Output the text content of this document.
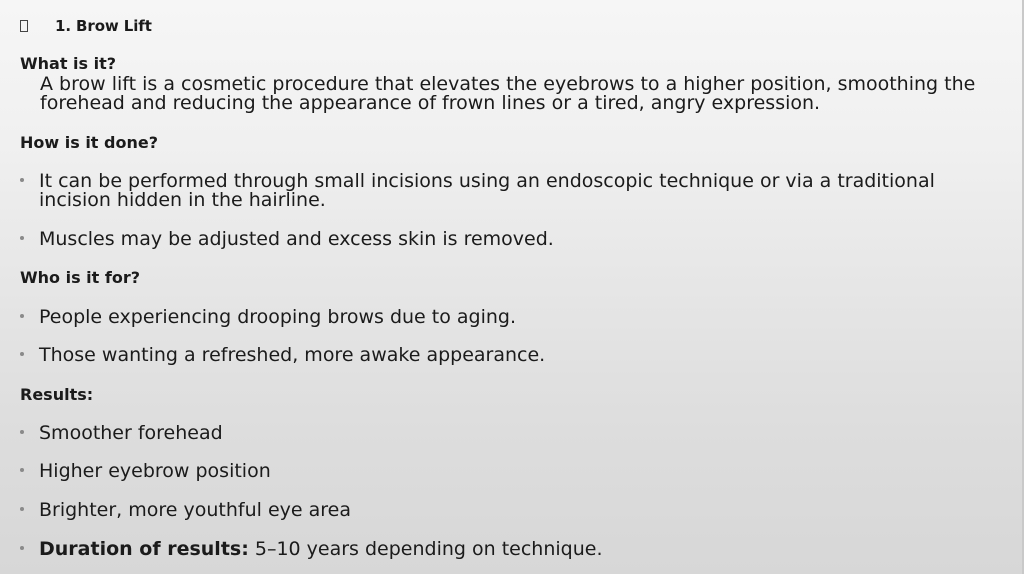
1. Brow Lift
What is it?
A brow lift is a cosmetic procedure that elevates the eyebrows to a higher position, smoothing the forehead and reducing the appearance of frown lines or a tired, angry expression.
How is it done?
It can be performed through small incisions using an endoscopic technique or via a traditional incision hidden in the hairline.
Muscles may be adjusted and excess skin is removed.
Who is it for?
People experiencing drooping brows due to aging.
Those wanting a refreshed, more awake appearance.
Results:
Smoother forehead
Higher eyebrow position
Brighter, more youthful eye area
Duration of results: 5–10 years depending on technique.
